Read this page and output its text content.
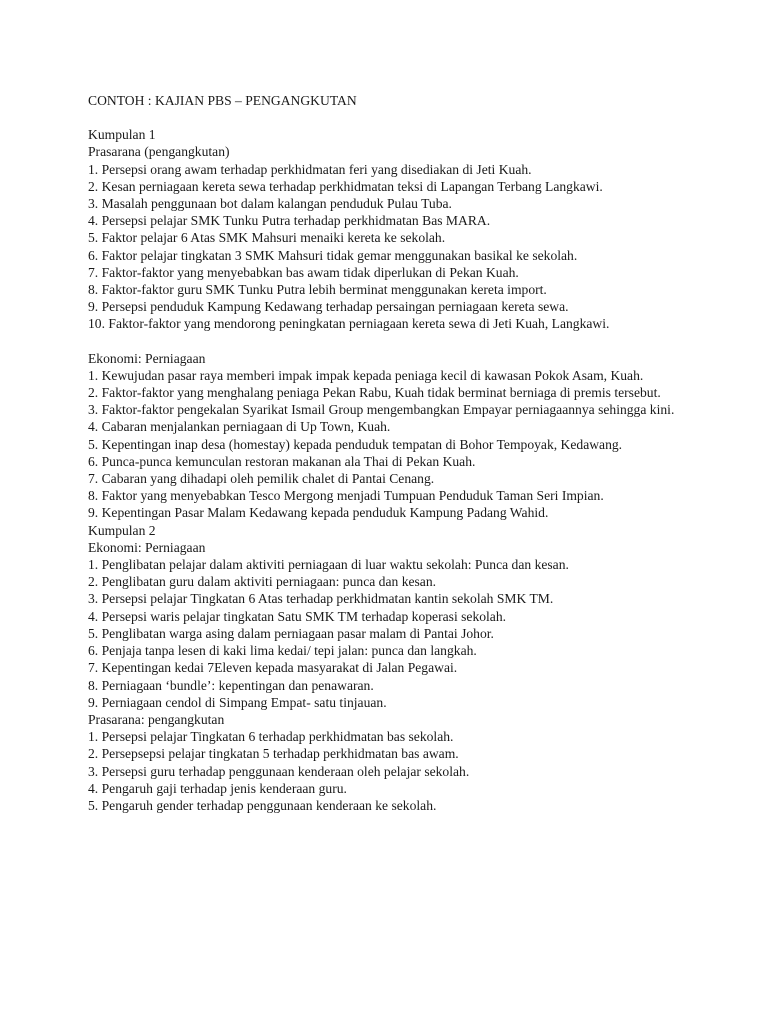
CONTOH : KAJIAN PBS – PENGANGKUTAN
Kumpulan 1
Prasarana (pengangkutan)
1. Persepsi orang awam terhadap perkhidmatan feri yang disediakan di Jeti Kuah.
2. Kesan perniagaan kereta sewa terhadap perkhidmatan teksi di Lapangan Terbang Langkawi.
3. Masalah penggunaan bot dalam kalangan penduduk Pulau Tuba.
4. Persepsi pelajar SMK Tunku Putra terhadap perkhidmatan Bas MARA.
5. Faktor pelajar 6 Atas SMK Mahsuri menaiki kereta ke sekolah.
6. Faktor pelajar tingkatan 3 SMK Mahsuri tidak gemar menggunakan basikal ke sekolah.
7. Faktor-faktor yang menyebabkan bas awam tidak diperlukan di Pekan Kuah.
8. Faktor-faktor guru SMK Tunku Putra lebih berminat menggunakan kereta import.
9. Persepsi penduduk Kampung Kedawang terhadap persaingan perniagaan kereta sewa.
10. Faktor-faktor yang mendorong peningkatan perniagaan kereta sewa di Jeti Kuah, Langkawi.
Ekonomi: Perniagaan
1. Kewujudan pasar raya memberi impak impak kepada peniaga kecil di kawasan Pokok Asam, Kuah.
2. Faktor-faktor yang menghalang peniaga Pekan Rabu, Kuah tidak berminat berniaga di premis tersebut.
3. Faktor-faktor pengekalan Syarikat Ismail Group mengembangkan Empayar perniagaannya sehingga kini.
4. Cabaran menjalankan perniagaan di Up Town, Kuah.
5. Kepentingan inap desa (homestay) kepada penduduk tempatan di Bohor Tempoyak, Kedawang.
6. Punca-punca kemunculan restoran makanan ala Thai di Pekan Kuah.
7. Cabaran yang dihadapi oleh pemilik chalet di Pantai Cenang.
8. Faktor yang menyebabkan Tesco Mergong menjadi Tumpuan Penduduk Taman Seri Impian.
9. Kepentingan Pasar Malam Kedawang kepada penduduk Kampung Padang Wahid.
Kumpulan 2
Ekonomi: Perniagaan
1. Penglibatan pelajar dalam aktiviti perniagaan di luar waktu sekolah: Punca dan kesan.
2. Penglibatan guru dalam aktiviti perniagaan: punca dan kesan.
3. Persepsi pelajar Tingkatan 6 Atas terhadap perkhidmatan kantin sekolah SMK TM.
4. Persepsi waris pelajar tingkatan Satu SMK TM terhadap koperasi sekolah.
5. Penglibatan warga asing dalam perniagaan pasar malam di Pantai Johor.
6. Penjaja tanpa lesen di kaki lima kedai/ tepi jalan: punca dan langkah.
7. Kepentingan kedai 7Eleven kepada masyarakat di Jalan Pegawai.
8. Perniagaan ‘bundle’: kepentingan dan penawaran.
9. Perniagaan cendol di Simpang Empat- satu tinjauan.
Prasarana: pengangkutan
1. Persepsi pelajar Tingkatan 6 terhadap perkhidmatan bas sekolah.
2. Persepsepsi pelajar tingkatan 5 terhadap perkhidmatan bas awam.
3. Persepsi guru terhadap penggunaan kenderaan oleh pelajar sekolah.
4. Pengaruh gaji terhadap jenis kenderaan guru.
5. Pengaruh gender terhadap penggunaan kenderaan ke sekolah.
